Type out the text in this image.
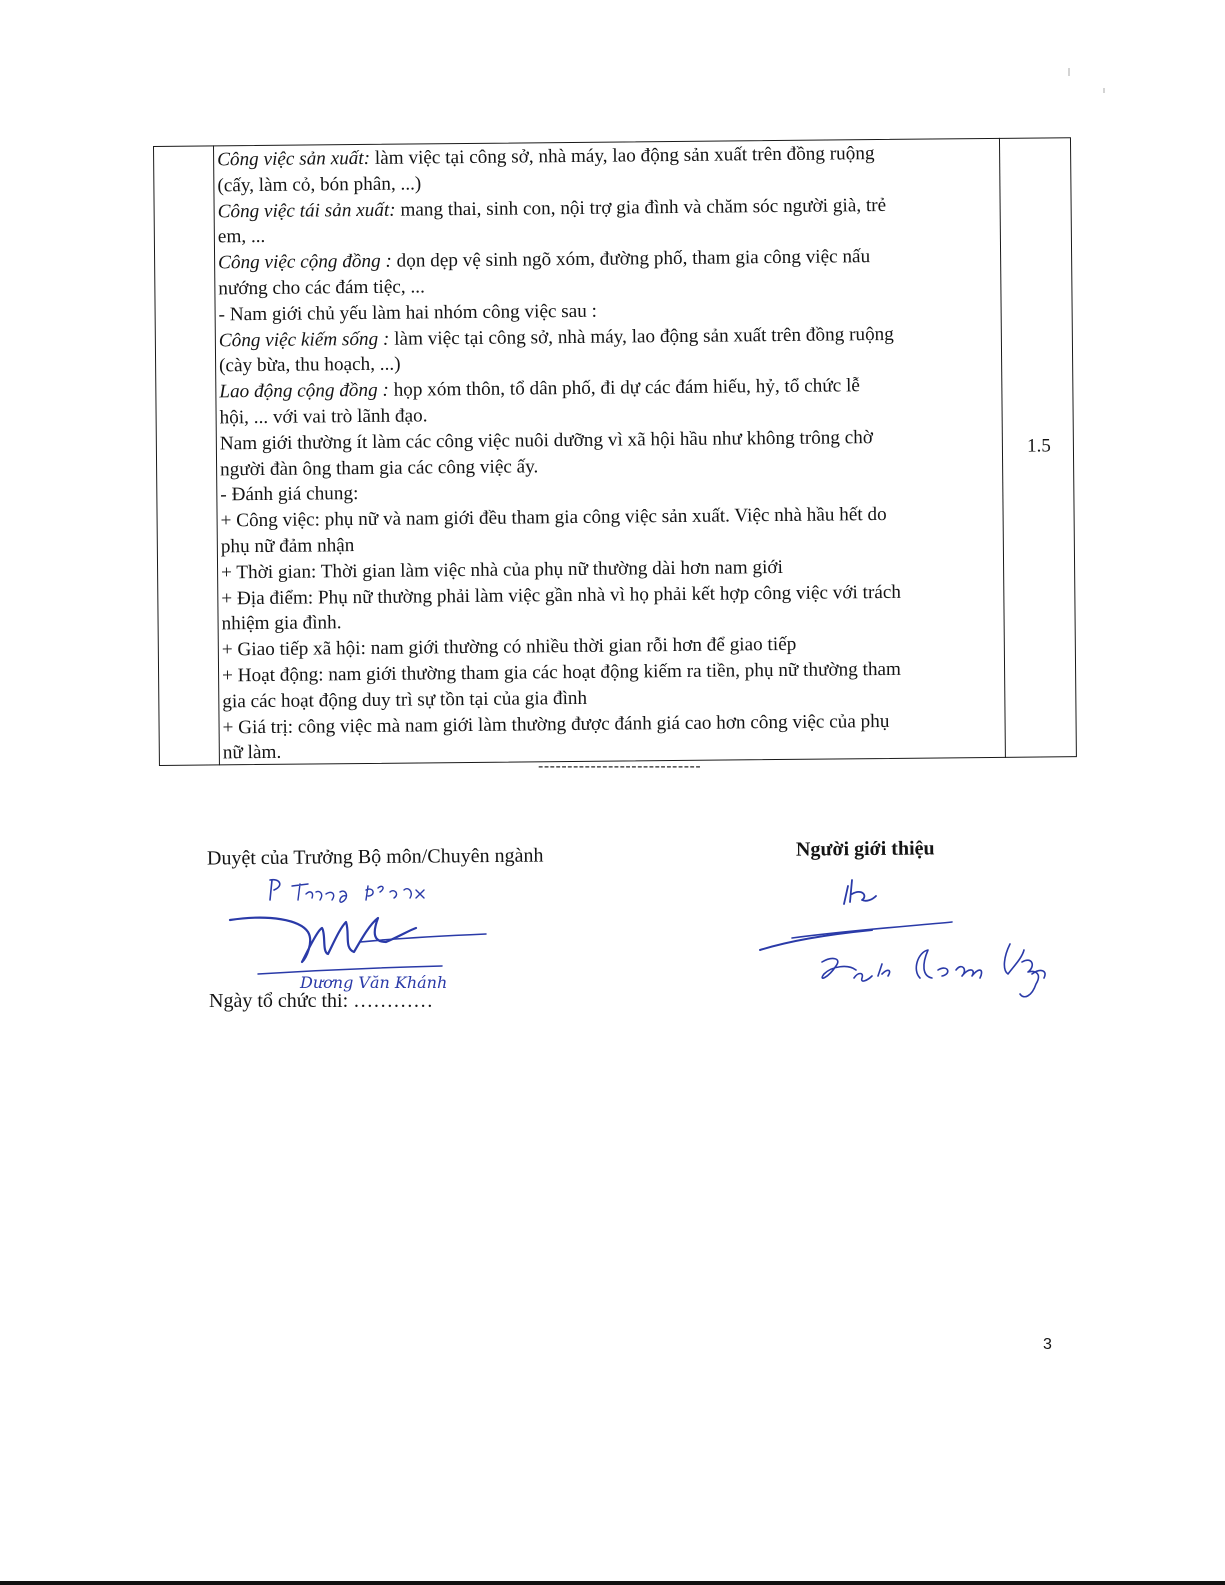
Công việc sản xuất: làm việc tại công sở, nhà máy, lao động sản xuất trên đồng ruộng
(cấy, làm cỏ, bón phân, ...)
Công việc tái sản xuất: mang thai, sinh con, nội trợ gia đình và chăm sóc người già, trẻ
em, ...
Công việc cộng đồng : dọn dẹp vệ sinh ngõ xóm, đường phố, tham gia công việc nấu
nướng cho các đám tiệc, ...
- Nam giới chủ yếu làm hai nhóm công việc sau :
Công việc kiếm sống : làm việc tại công sở, nhà máy, lao động sản xuất trên đồng ruộng
(cày bừa, thu hoạch, ...)
Lao động cộng đồng : họp xóm thôn, tổ dân phố, đi dự các đám hiếu, hỷ, tổ chức lễ
hội, ... với vai trò lãnh đạo.
Nam giới thường ít làm các công việc nuôi dưỡng vì xã hội hầu như không trông chờ
người đàn ông tham gia các công việc ấy.
- Đánh giá chung:
+ Công việc: phụ nữ và nam giới đều tham gia công việc sản xuất. Việc nhà hầu hết do
phụ nữ đảm nhận
+ Thời gian: Thời gian làm việc nhà của phụ nữ thường dài hơn nam giới
+ Địa điểm: Phụ nữ thường phải làm việc gần nhà vì họ phải kết hợp công việc với trách
nhiệm gia đình.
+ Giao tiếp xã hội: nam giới thường có nhiều thời gian rỗi hơn để giao tiếp
+ Hoạt động: nam giới thường tham gia các hoạt động kiếm ra tiền, phụ nữ thường tham
gia các hoạt động duy trì sự tồn tại của gia đình
+ Giá trị: công việc mà nam giới làm thường được đánh giá cao hơn công việc của phụ
nữ làm.
1.5
----------------------------
Duyệt của Trưởng Bộ môn/Chuyên ngành
Dương Văn Khánh
Ngày tổ chức thi: …………
Người giới thiệu
3
